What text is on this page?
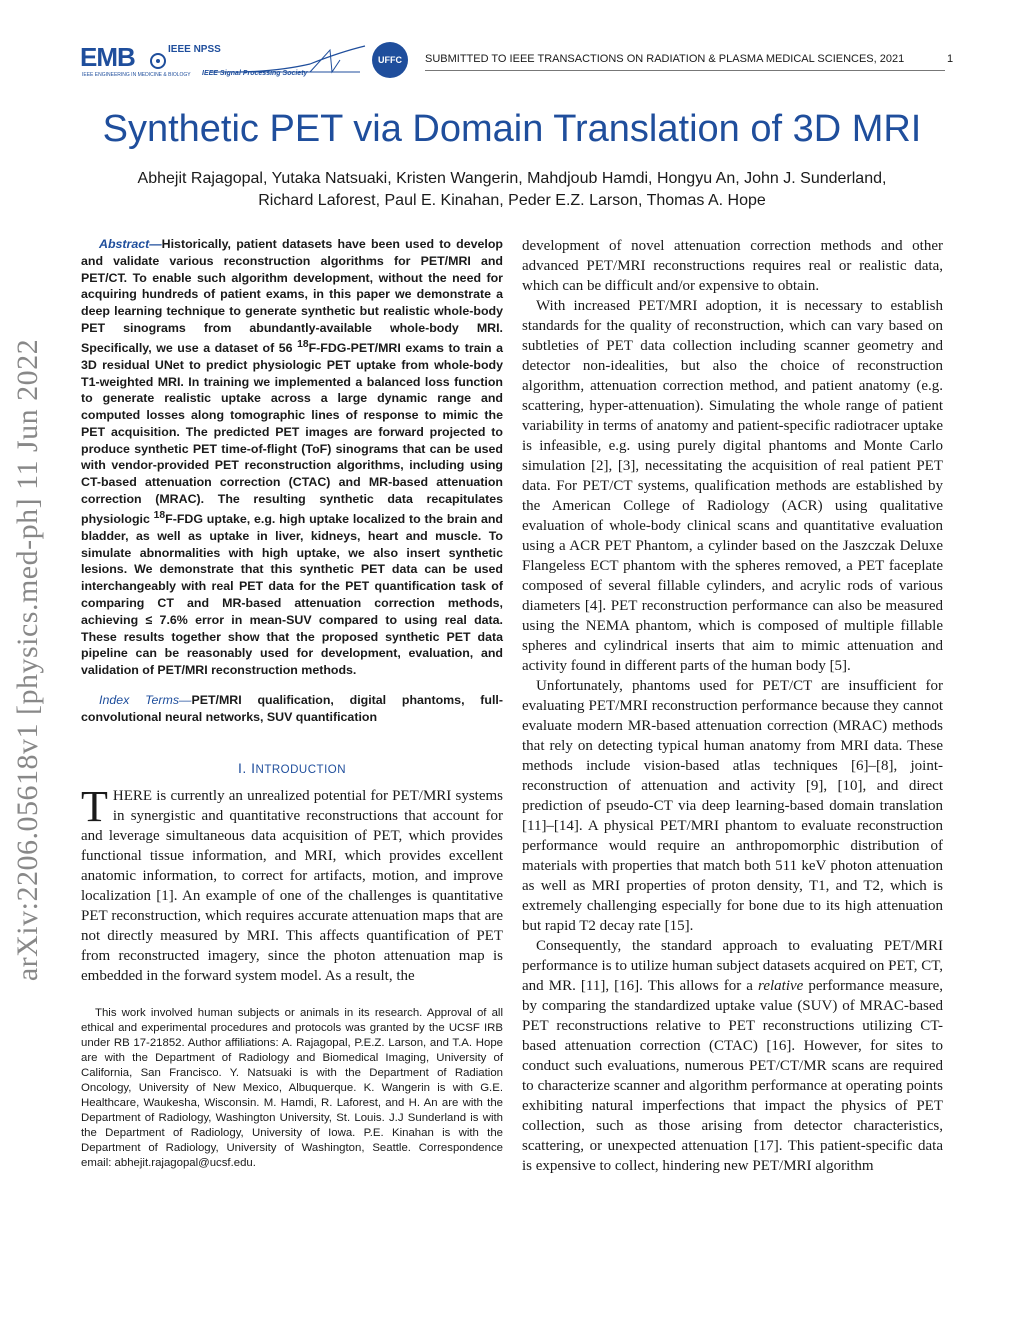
EMB
IEEE ENGINEERING IN MEDICINE & BIOLOGY
IEEE NPSS
IEEE Signal Processing Society
UFFC	SUBMITTED TO IEEE TRANSACTIONS ON RADIATION & PLASMA MEDICAL SCIENCES, 2021	1
Synthetic PET via Domain Translation of 3D MRI
Abhejit Rajagopal, Yutaka Natsuaki, Kristen Wangerin, Mahdjoub Hamdi, Hongyu An, John J. Sunderland,
Richard Laforest, Paul E. Kinahan, Peder E.Z. Larson, Thomas A. Hope
arXiv:2206.05618v1 [physics.med-ph] 11 Jun 2022

Abstract—Historically, patient datasets have been used to develop and validate various reconstruction algorithms for PET/MRI and PET/CT. To enable such algorithm development, without the need for acquiring hundreds of patient exams, in this paper we demonstrate a deep learning technique to generate synthetic but realistic whole-body PET sinograms from abundantly-available whole-body MRI. Specifically, we use a dataset of 56 $^{18}$F-FDG-PET/MRI exams to train a 3D residual UNet to predict physiologic PET uptake from whole-body T1-weighted MRI. In training we implemented a balanced loss function to generate realistic uptake across a large dynamic range and computed losses along tomographic lines of response to mimic the PET acquisition. The predicted PET images are forward projected to produce synthetic PET time-of-flight (ToF) sinograms that can be used with vendor-provided PET reconstruction algorithms, including using CT-based attenuation correction (CTAC) and MR-based attenuation correction (MRAC). The resulting synthetic data recapitulates physiologic $^{18}$F-FDG uptake, e.g. high uptake localized to the brain and bladder, as well as uptake in liver, kidneys, heart and muscle. To simulate abnormalities with high uptake, we also insert synthetic lesions. We demonstrate that this synthetic PET data can be used interchangeably with real PET data for the PET quantification task of comparing CT and MR-based attenuation correction methods, achieving ≤ 7.6% error in mean-SUV compared to using real data. These results together show that the proposed synthetic PET data pipeline can be reasonably used for development, evaluation, and validation of PET/MRI reconstruction methods.

Index Terms—PET/MRI qualification, digital phantoms, full-convolutional neural networks, SUV quantification

I. INTRODUCTION

THERE is currently an unrealized potential for PET/MRI systems in synergistic and quantitative reconstructions that account for and leverage simultaneous data acquisition of PET, which provides functional tissue information, and MRI, which provides excellent anatomic information, to correct for artifacts, motion, and improve localization [1]. An example of one of the challenges is quantitative PET reconstruction, which requires accurate attenuation maps that are not directly measured by MRI. This affects quantification of PET from reconstructed imagery, since the photon attenuation map is embedded in the forward system model. As a result, the

This work involved human subjects or animals in its research. Approval of all ethical and experimental procedures and protocols was granted by the UCSF IRB under RB 17-21852. Author affiliations: A. Rajagopal, P.E.Z. Larson, and T.A. Hope are with the Department of Radiology and Biomedical Imaging, University of California, San Francisco. Y. Natsuaki is with the Department of Radiation Oncology, University of New Mexico, Albuquerque. K. Wangerin is with G.E. Healthcare, Waukesha, Wisconsin. M. Hamdi, R. Laforest, and H. An are with the Department of Radiology, Washington University, St. Louis. J.J Sunderland is with the Department of Radiology, University of Iowa. P.E. Kinahan is with the Department of Radiology, University of Washington, Seattle. Correspondence email: abhejit.rajagopal@ucsf.edu.

development of novel attenuation correction methods and other advanced PET/MRI reconstructions requires real or realistic data, which can be difficult and/or expensive to obtain.

With increased PET/MRI adoption, it is necessary to establish standards for the quality of reconstruction, which can vary based on subtleties of PET data collection including scanner geometry and detector non-idealities, but also the choice of reconstruction algorithm, attenuation correction method, and patient anatomy (e.g. scattering, hyper-attenuation). Simulating the whole range of patient variability in terms of anatomy and patient-specific radiotracer uptake is infeasible, e.g. using purely digital phantoms and Monte Carlo simulation [2], [3], necessitating the acquisition of real patient PET data. For PET/CT systems, qualification methods are established by the American College of Radiology (ACR) using qualitative evaluation of whole-body clinical scans and quantitative evaluation using a ACR PET Phantom, a cylinder based on the Jaszczak Deluxe Flangeless ECT phantom with the spheres removed, a PET faceplate composed of several fillable cylinders, and acrylic rods of various diameters [4]. PET reconstruction performance can also be measured using the NEMA phantom, which is composed of multiple fillable spheres and cylindrical inserts that aim to mimic attenuation and activity found in different parts of the human body [5].

Unfortunately, phantoms used for PET/CT are insufficient for evaluating PET/MRI reconstruction performance because they cannot evaluate modern MR-based attenuation correction (MRAC) methods that rely on detecting typical human anatomy from MRI data. These methods include vision-based atlas techniques [6]–[8], joint-reconstruction of attenuation and activity [9], [10], and direct prediction of pseudo-CT via deep learning-based domain translation [11]–[14]. A physical PET/MRI phantom to evaluate reconstruction performance would require an anthropomorphic distribution of materials with properties that match both 511 keV photon attenuation as well as MRI properties of proton density, T1, and T2, which is extremely challenging especially for bone due to its high attenuation but rapid T2 decay rate [15].

Consequently, the standard approach to evaluating PET/MRI performance is to utilize human subject datasets acquired on PET, CT, and MR. [11], [16]. This allows for a relative performance measure, by comparing the standardized uptake value (SUV) of MRAC-based PET reconstructions relative to PET reconstructions utilizing CT-based attenuation correction (CTAC) [16]. However, for sites to conduct such evaluations, numerous PET/CT/MR scans are required to characterize scanner and algorithm performance at operating points exhibiting natural imperfections that impact the physics of PET collection, such as those arising from detector characteristics, scattering, or unexpected attenuation [17]. This patient-specific data is expensive to collect, hindering new PET/MRI algorithm
